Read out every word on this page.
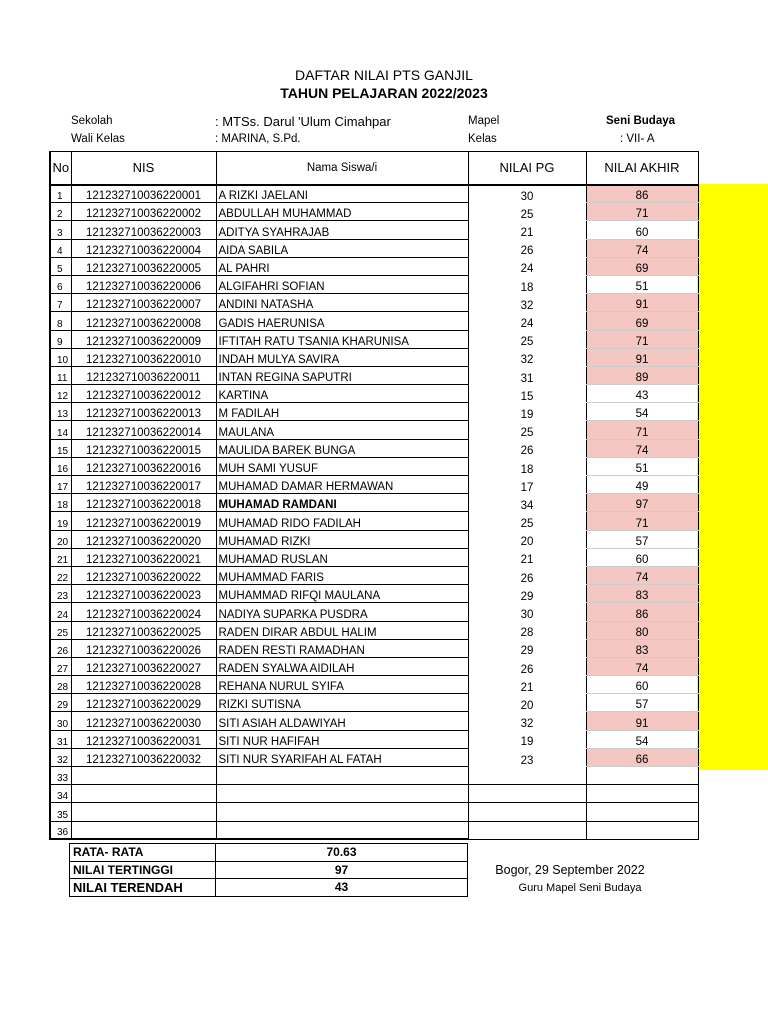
DAFTAR NILAI PTS GANJIL
TAHUN PELAJARAN 2022/2023
Sekolah	: MTSs. Darul 'Ulum Cimahpar
Wali Kelas	: MARINA, S.Pd.
Mapel	Seni Budaya
Kelas	: VII- A
No	NIS	Nama Siswa/i	NILAI PG	NILAI AKHIR
1	121232710036220001	A RIZKI JAELANI	30	86
2	121232710036220002	ABDULLAH MUHAMMAD	25	71
3	121232710036220003	ADITYA SYAHRAJAB	21	60
4	121232710036220004	AIDA SABILA	26	74
5	121232710036220005	AL PAHRI	24	69
6	121232710036220006	ALGIFAHRI SOFIAN	18	51
7	121232710036220007	ANDINI NATASHA	32	91
8	121232710036220008	GADIS HAERUNISA	24	69
9	121232710036220009	IFTITAH RATU TSANIA KHARUNISA	25	71
10	121232710036220010	INDAH MULYA SAVIRA	32	91
11	121232710036220011	INTAN REGINA SAPUTRI	31	89
12	121232710036220012	KARTINA	15	43
13	121232710036220013	M FADILAH	19	54
14	121232710036220014	MAULANA	25	71
15	121232710036220015	MAULIDA BAREK BUNGA	26	74
16	121232710036220016	MUH SAMI YUSUF	18	51
17	121232710036220017	MUHAMAD DAMAR HERMAWAN	17	49
18	121232710036220018	MUHAMAD RAMDANI	34	97
19	121232710036220019	MUHAMAD RIDO FADILAH	25	71
20	121232710036220020	MUHAMAD RIZKI	20	57
21	121232710036220021	MUHAMAD RUSLAN	21	60
22	121232710036220022	MUHAMMAD FARIS	26	74
23	121232710036220023	MUHAMMAD RIFQI MAULANA	29	83
24	121232710036220024	NADIYA SUPARKA PUSDRA	30	86
25	121232710036220025	RADEN DIRAR ABDUL HALIM	28	80
26	121232710036220026	RADEN RESTI RAMADHAN	29	83
27	121232710036220027	RADEN SYALWA AIDILAH	26	74
28	121232710036220028	REHANA NURUL SYIFA	21	60
29	121232710036220029	RIZKI SUTISNA	20	57
30	121232710036220030	SITI ASIAH ALDAWIYAH	32	91
31	121232710036220031	SITI NUR HAFIFAH	19	54
32	121232710036220032	SITI NUR SYARIFAH AL FATAH	23	66
33				
34				
35				
36				
RATA- RATA	70.63
NILAI TERTINGGI	97
NILAI TERENDAH	43
Bogor, 29 September 2022
Guru Mapel Seni Budaya
